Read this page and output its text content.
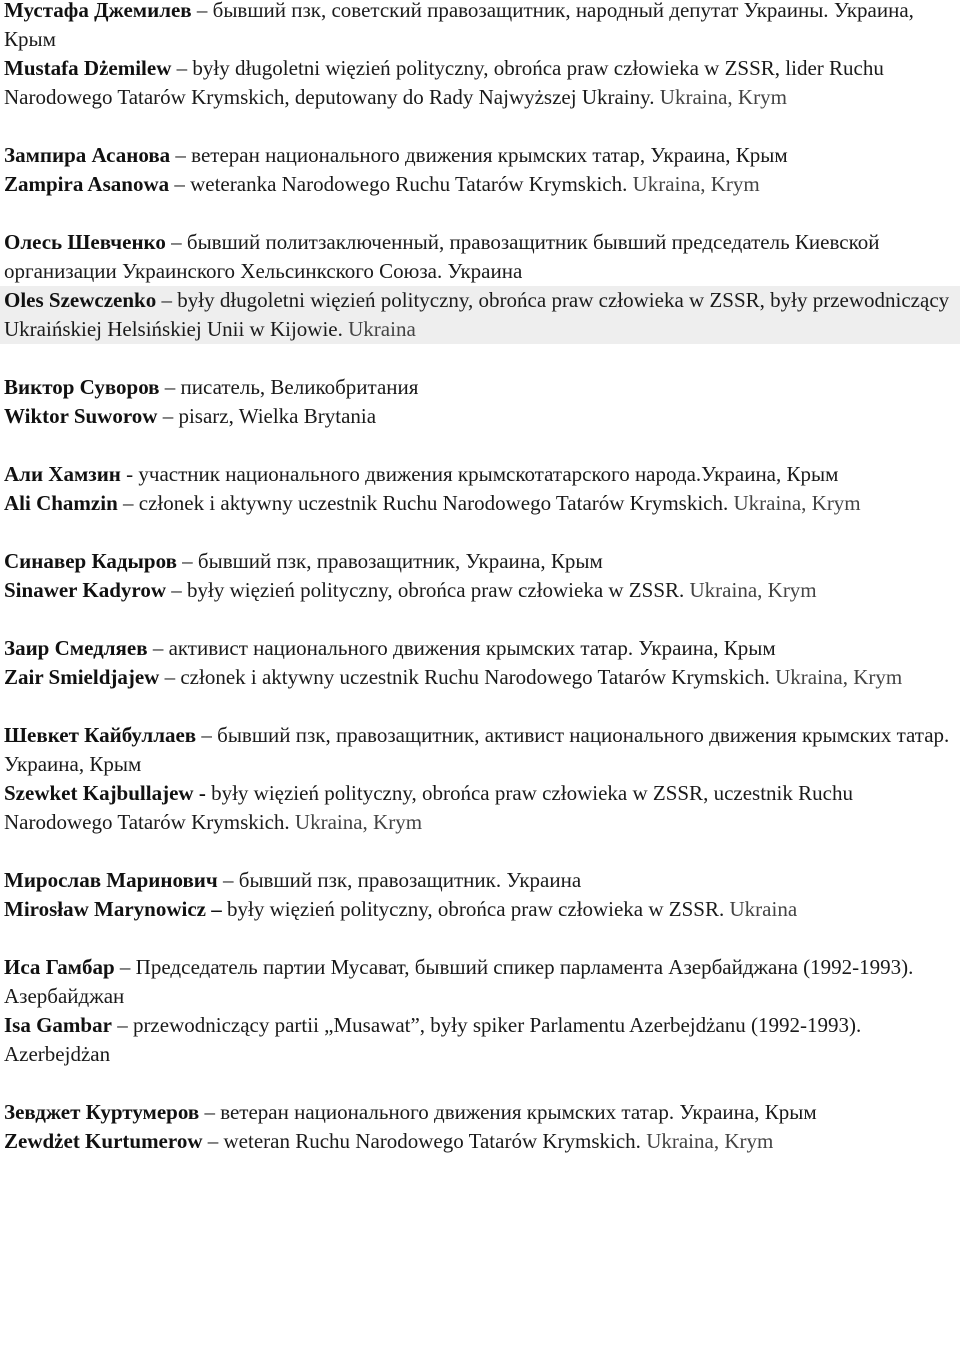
Мустафа Джемилев – бывший пзк, советский правозащитник, народный депутат Украины. Украина, Крым
Mustafa Dżemilew – były długoletni więzień polityczny, obrońca praw człowieka w ZSSR, lider Ruchu Narodowego Tatarów Krymskich, deputowany do Rady Najwyższej Ukrainy. Ukraina, Krym
Зампира Асанова – ветеран национального движения крымских татар, Украина, Крым
Zampira Asanowa – weteranka Narodowego Ruchu Tatarów Krymskich. Ukraina, Krym
Олесь Шевченко – бывший политзаключенный, правозащитник бывший председатель Киевской организации Украинского Хельсинкского Союза. Украина
Oles Szewczenko – były długoletni więzień polityczny, obrońca praw człowieka w ZSSR, były przewodniczący Ukraińskiej Helsińskiej Unii w Kijowie. Ukraina
Виктор Суворов – писатель, Великобритания
Wiktor Suworow – pisarz, Wielka Brytania
Али Хамзин - участник национального движения крымскотатарского народа.Украина, Крым
Ali Chamzin – członek i aktywny uczestnik Ruchu Narodowego Tatarów Krymskich. Ukraina, Krym
Синавер Кадыров – бывший пзк, правозащитник, Украина, Крым
Sinawer Kadyrow – były więzień polityczny, obrońca praw człowieka w ZSSR. Ukraina, Krym
Заир Смедляев – активист национального движения крымских татар. Украина, Крым
Zair Smieldjajew – członek i aktywny uczestnik Ruchu Narodowego Tatarów Krymskich. Ukraina, Krym
Шевкет Кайбуллаев – бывший пзк, правозащитник, активист национального движения крымских татар. Украина, Крым
Szewket Kajbullajew - były więzień polityczny, obrońca praw człowieka w ZSSR, uczestnik Ruchu Narodowego Tatarów Krymskich. Ukraina, Krym
Мирослав Маринович – бывший пзк, правозащитник. Украина
Mirosław Marynowicz – były więzień polityczny, obrońca praw człowieka w ZSSR. Ukraina
Иса Гамбар – Председатель партии Мусават, бывший спикер парламента Азербайджана (1992-1993). Азербайджан
Isa Gambar – przewodniczący partii „Musawat”, były spiker Parlamentu Azerbejdżanu (1992-1993). Azerbejdżan
Зевджет Куртумеров – ветеран национального движения крымских татар. Украина, Крым
Zewdżet Kurtumerow – weteran Ruchu Narodowego Tatarów Krymskich. Ukraina, Krym
